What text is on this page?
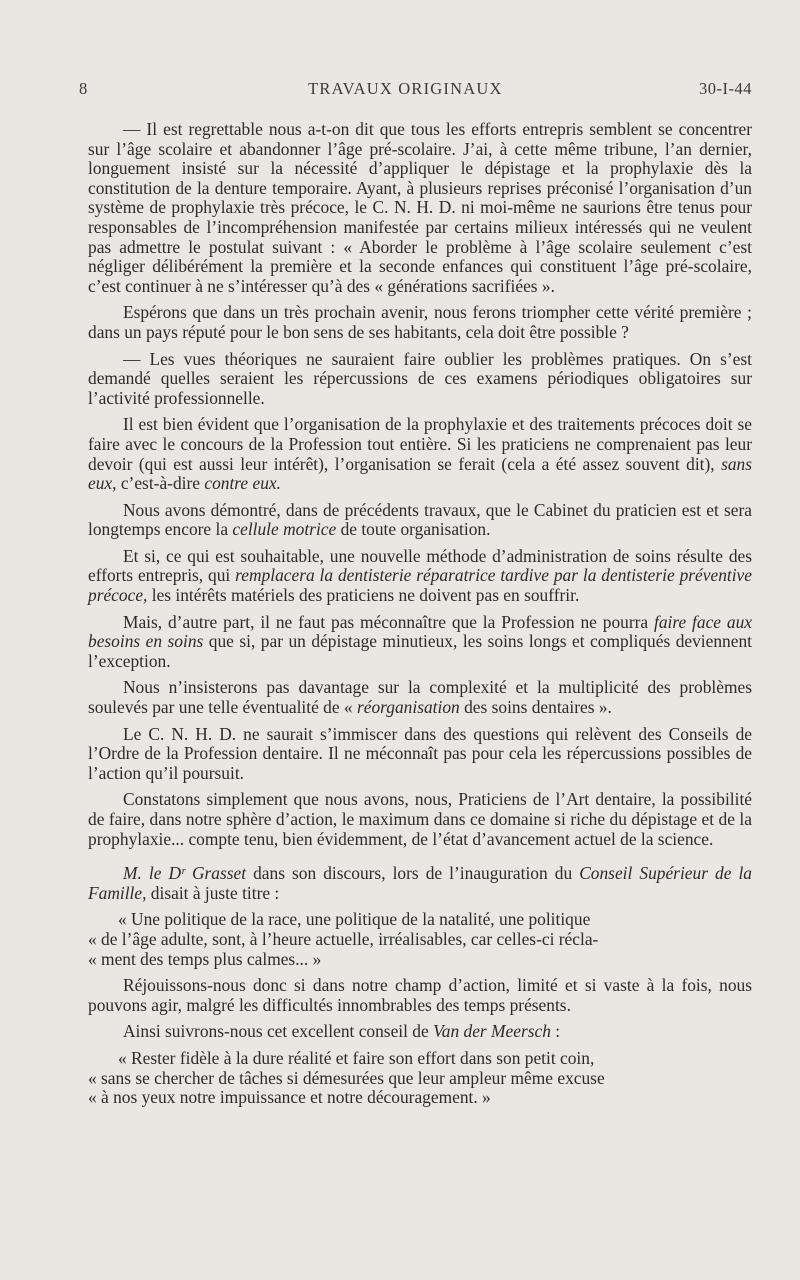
8	TRAVAUX ORIGINAUX	30-I-44

— Il est regrettable nous a-t-on dit que tous les efforts entrepris semblent se concentrer sur l’âge scolaire et abandonner l’âge pré-scolaire. J’ai, à cette même tribune, l’an dernier, longuement insisté sur la nécessité d’appliquer le dépistage et la prophylaxie dès la constitution de la denture temporaire. Ayant, à plusieurs reprises préconisé l’organisation d’un système de prophylaxie très précoce, le C. N. H. D. ni moi-même ne saurions être tenus pour responsables de l’incompréhension manifestée par certains milieux intéressés qui ne veulent pas admettre le postulat suivant : « Aborder le problème à l’âge scolaire seulement c’est négliger délibérément la première et la seconde enfances qui constituent l’âge pré-scolaire, c’est continuer à ne s’intéresser qu’à des « générations sacrifiées ».

Espérons que dans un très prochain avenir, nous ferons triompher cette vérité première ; dans un pays réputé pour le bon sens de ses habitants, cela doit être possible ?

— Les vues théoriques ne sauraient faire oublier les problèmes pratiques. On s’est demandé quelles seraient les répercussions de ces examens périodiques obligatoires sur l’activité professionnelle.

Il est bien évident que l’organisation de la prophylaxie et des traitements précoces doit se faire avec le concours de la Profession tout entière. Si les praticiens ne comprenaient pas leur devoir (qui est aussi leur intérêt), l’organisation se ferait (cela a été assez souvent dit), sans eux, c’est-à-dire contre eux.

Nous avons démontré, dans de précédents travaux, que le Cabinet du praticien est et sera longtemps encore la cellule motrice de toute organisation.

Et si, ce qui est souhaitable, une nouvelle méthode d’administration de soins résulte des efforts entrepris, qui remplacera la dentisterie réparatrice tardive par la dentisterie préventive précoce, les intérêts matériels des praticiens ne doivent pas en souffrir.

Mais, d’autre part, il ne faut pas méconnaître que la Profession ne pourra faire face aux besoins en soins que si, par un dépistage minutieux, les soins longs et compliqués deviennent l’exception.

Nous n’insisterons pas davantage sur la complexité et la multiplicité des problèmes soulevés par une telle éventualité de « réorganisation des soins dentaires ».

Le C. N. H. D. ne saurait s’immiscer dans des questions qui relèvent des Conseils de l’Ordre de la Profession dentaire. Il ne méconnaît pas pour cela les répercussions possibles de l’action qu’il poursuit.

Constatons simplement que nous avons, nous, Praticiens de l’Art dentaire, la possibilité de faire, dans notre sphère d’action, le maximum dans ce domaine si riche du dépistage et de la prophylaxie... compte tenu, bien évidemment, de l’état d’avancement actuel de la science.

M. le Dʳ Grasset dans son discours, lors de l’inauguration du Conseil Supérieur de la Famille, disait à juste titre :

« Une politique de la race, une politique de la natalité, une politique

« de l’âge adulte, sont, à l’heure actuelle, irréalisables, car celles-ci récla-
« ment des temps plus calmes... »

Réjouissons-nous donc si dans notre champ d’action, limité et si vaste à la fois, nous pouvons agir, malgré les difficultés innombrables des temps présents.

Ainsi suivrons-nous cet excellent conseil de Van der Meersch :

« Rester fidèle à la dure réalité et faire son effort dans son petit coin,

« sans se chercher de tâches si démesurées que leur ampleur même excuse
« à nos yeux notre impuissance et notre découragement. »
